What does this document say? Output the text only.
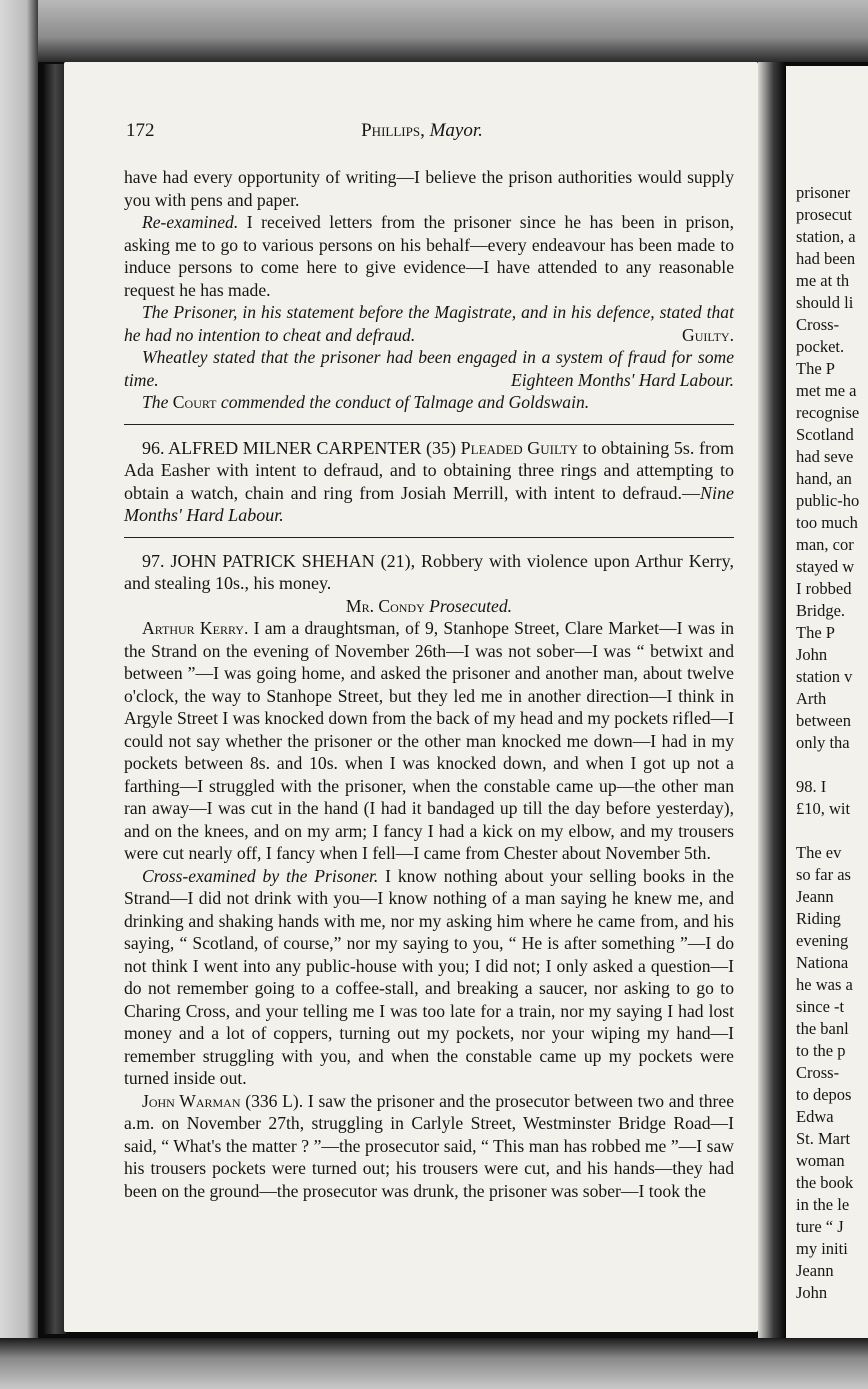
172	Phillips, Mayor.

have had every opportunity of writing—I believe the prison authorities would supply you with pens and paper.

Re-examined. I received letters from the prisoner since he has been in prison, asking me to go to various persons on his behalf—every endeavour has been made to induce persons to come here to give evidence—I have attended to any reasonable request he has made.

The Prisoner, in his statement before the Magistrate, and in his defence, stated that he had no intention to cheat and defraud.	Guilty.

Wheatley stated that the prisoner had been engaged in a system of fraud for some time.	Eighteen Months' Hard Labour.

The Court commended the conduct of Talmage and Goldswain.

96. ALFRED MILNER CARPENTER (35) Pleaded Guilty to obtaining 5s. from Ada Easher with intent to defraud, and to obtaining three rings and attempting to obtain a watch, chain and ring from Josiah Merrill, with intent to defraud.—Nine Months' Hard Labour.

97. JOHN PATRICK SHEHAN (21), Robbery with violence upon Arthur Kerry, and stealing 10s., his money.

Mr. Condy Prosecuted.

Arthur Kerry. I am a draughtsman, of 9, Stanhope Street, Clare Market—I was in the Strand on the evening of November 26th—I was not sober—I was “ betwixt and between ”—I was going home, and asked the prisoner and another man, about twelve o'clock, the way to Stanhope Street, but they led me in another direction—I think in Argyle Street I was knocked down from the back of my head and my pockets rifled—I could not say whether the prisoner or the other man knocked me down—I had in my pockets between 8s. and 10s. when I was knocked down, and when I got up not a farthing—I struggled with the prisoner, when the constable came up—the other man ran away—I was cut in the hand (I had it bandaged up till the day before yesterday), and on the knees, and on my arm; I fancy I had a kick on my elbow, and my trousers were cut nearly off, I fancy when I fell—I came from Chester about November 5th.

Cross-examined by the Prisoner. I know nothing about your selling books in the Strand—I did not drink with you—I know nothing of a man saying he knew me, and drinking and shaking hands with me, nor my asking him where he came from, and his saying, “ Scotland, of course,” nor my saying to you, “ He is after something ”—I do not think I went into any public-house with you; I did not; I only asked a question—I do not remember going to a coffee-stall, and breaking a saucer, nor asking to go to Charing Cross, and your telling me I was too late for a train, nor my saying I had lost money and a lot of coppers, turning out my pockets, nor your wiping my hand—I remember struggling with you, and when the constable came up my pockets were turned inside out.

John Warman (336 L). I saw the prisoner and the prosecutor between two and three a.m. on November 27th, struggling in Carlyle Street, Westminster Bridge Road—I said, “ What's the matter ? ”—the prosecutor said, “ This man has robbed me ”—I saw his trousers pockets were turned out; his trousers were cut, and his hands—they had been on the ground—the prosecutor was drunk, the prisoner was sober—I took the

prisoner
prosecut
station, a
had been
me at th
should li
Cross-
pocket.
The P
met me a
recognise
Scotland
had seve
hand, an
public-ho
too much
man, cor
stayed w
I robbed
Bridge.
The P
John
station v
Arth
between
only tha

98. I
£10, wit

The ev
so far as
Jeann
Riding
evening
Nationa
he was a
since -t
the banl
to the p
Cross-
to depos
Edwa
St. Mart
woman
the book
in the le
ture “ J
my initi
Jeann
John
